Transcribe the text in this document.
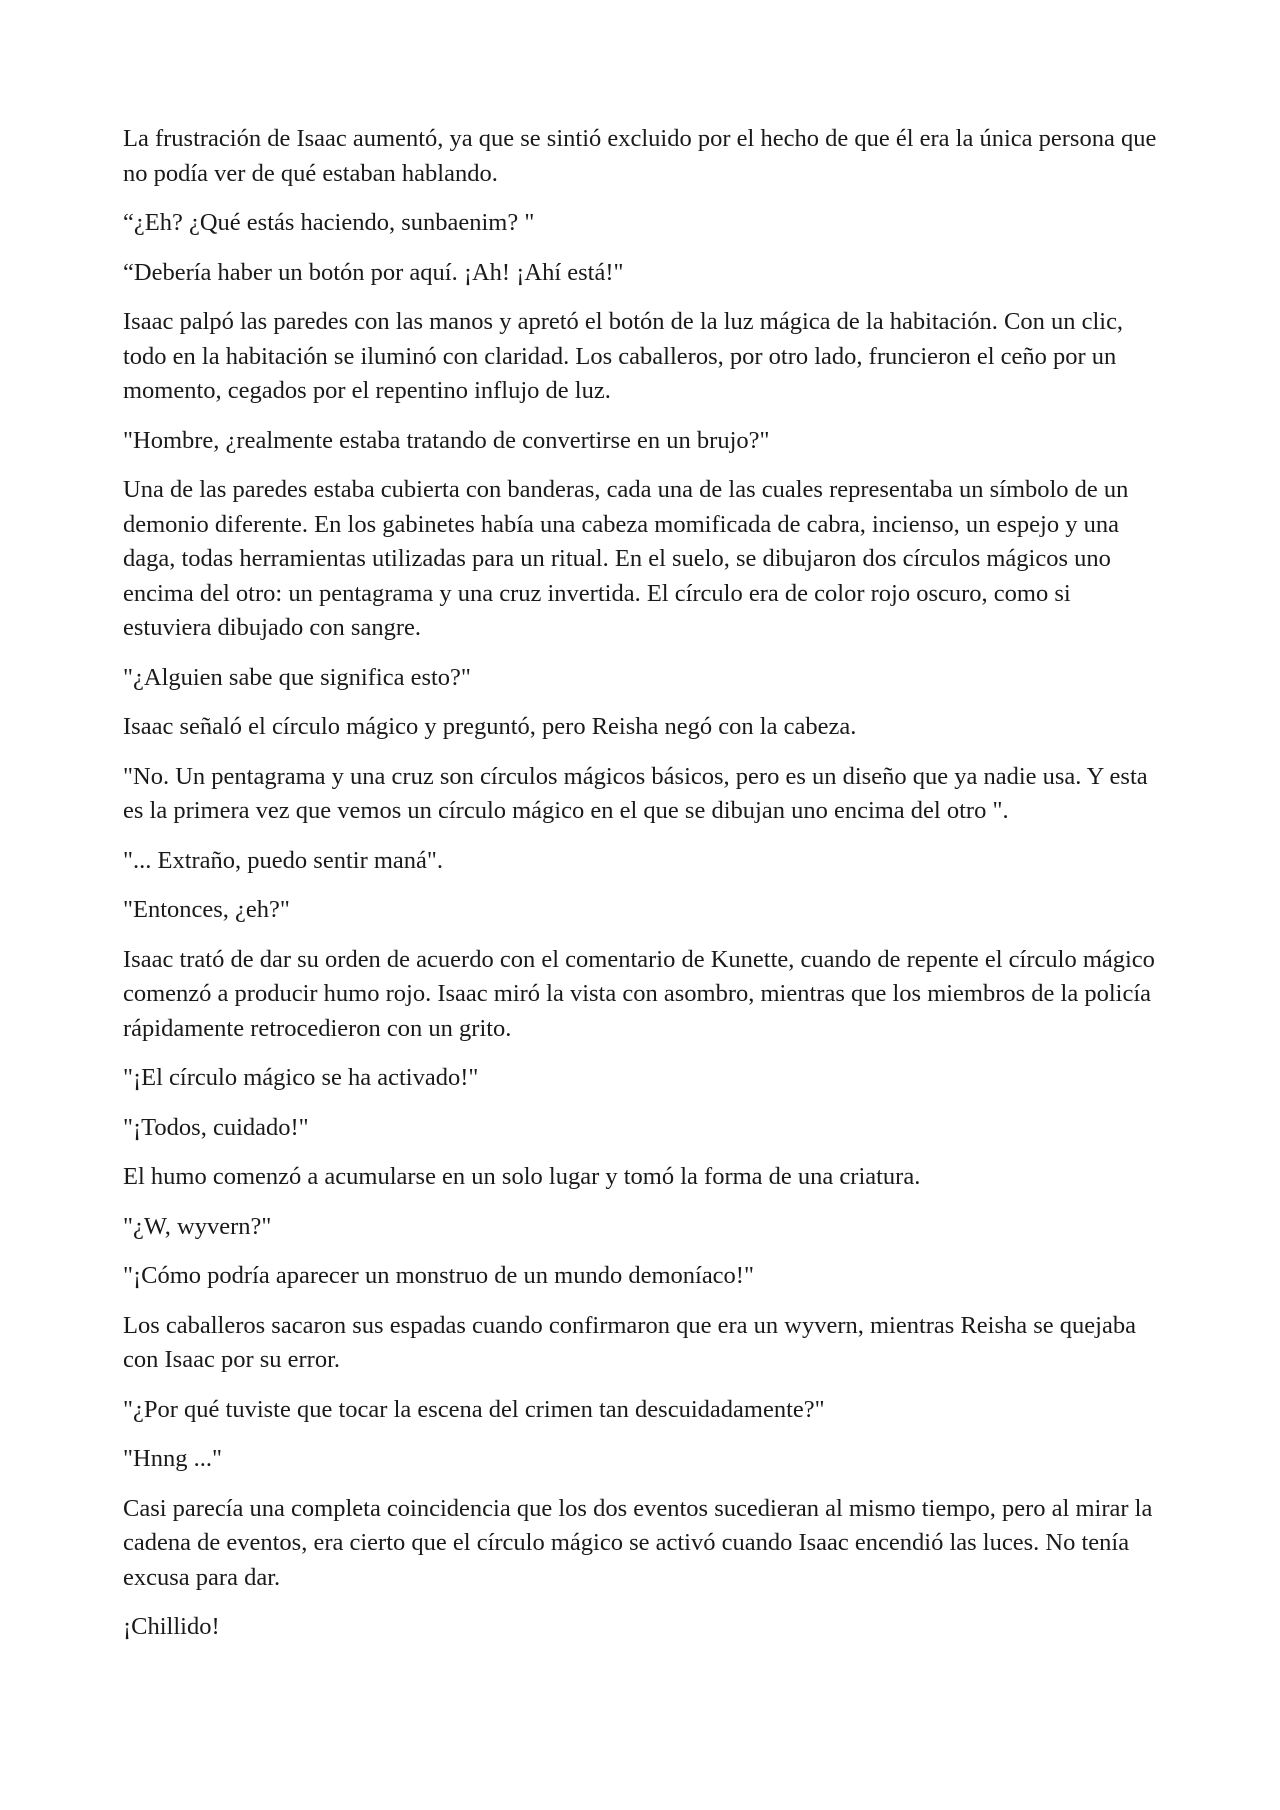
La frustración de Isaac aumentó, ya que se sintió excluido por el hecho de que él era la única persona que no podía ver de qué estaban hablando.

“¿Eh? ¿Qué estás haciendo, sunbaenim? "

“Debería haber un botón por aquí. ¡Ah! ¡Ahí está!"

Isaac palpó las paredes con las manos y apretó el botón de la luz mágica de la habitación. Con un clic, todo en la habitación se iluminó con claridad. Los caballeros, por otro lado, fruncieron el ceño por un momento, cegados por el repentino influjo de luz.

"Hombre, ¿realmente estaba tratando de convertirse en un brujo?"

Una de las paredes estaba cubierta con banderas, cada una de las cuales representaba un símbolo de un demonio diferente. En los gabinetes había una cabeza momificada de cabra, incienso, un espejo y una daga, todas herramientas utilizadas para un ritual. En el suelo, se dibujaron dos círculos mágicos uno encima del otro: un pentagrama y una cruz invertida. El círculo era de color rojo oscuro, como si estuviera dibujado con sangre.

"¿Alguien sabe que significa esto?"

Isaac señaló el círculo mágico y preguntó, pero Reisha negó con la cabeza.

"No. Un pentagrama y una cruz son círculos mágicos básicos, pero es un diseño que ya nadie usa. Y esta es la primera vez que vemos un círculo mágico en el que se dibujan uno encima del otro ".

"... Extraño, puedo sentir maná".

"Entonces, ¿eh?"

Isaac trató de dar su orden de acuerdo con el comentario de Kunette, cuando de repente el círculo mágico comenzó a producir humo rojo. Isaac miró la vista con asombro, mientras que los miembros de la policía rápidamente retrocedieron con un grito.

"¡El círculo mágico se ha activado!"

"¡Todos, cuidado!"

El humo comenzó a acumularse en un solo lugar y tomó la forma de una criatura.

"¿W, wyvern?"

"¡Cómo podría aparecer un monstruo de un mundo demoníaco!"

Los caballeros sacaron sus espadas cuando confirmaron que era un wyvern, mientras Reisha se quejaba con Isaac por su error.

"¿Por qué tuviste que tocar la escena del crimen tan descuidadamente?"

"Hnng ..."

Casi parecía una completa coincidencia que los dos eventos sucedieran al mismo tiempo, pero al mirar la cadena de eventos, era cierto que el círculo mágico se activó cuando Isaac encendió las luces. No tenía excusa para dar.

¡Chillido!
